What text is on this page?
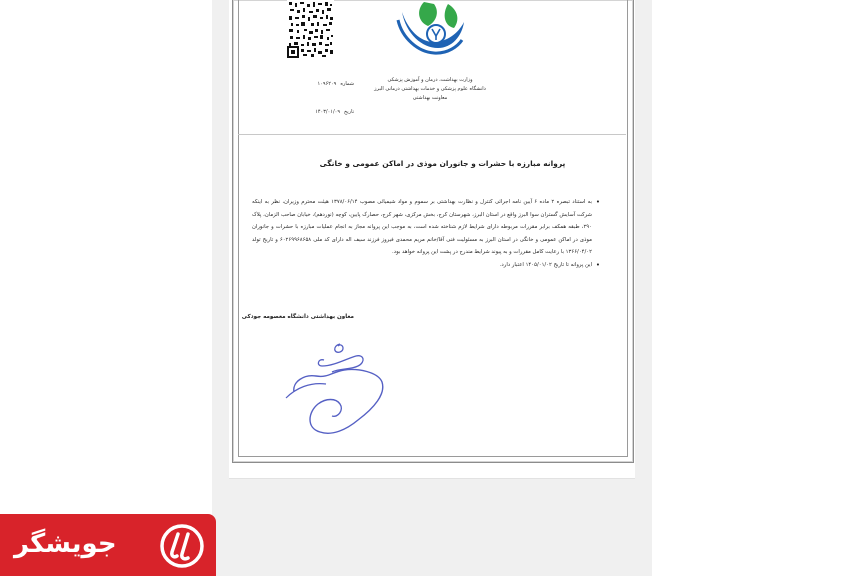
وزارت بهداشت، درمان و آموزش پزشکی
دانشگاه علوم پزشکی و خدمات بهداشتی درمانی البرز
معاونت بهداشتی
شماره
۱۰۹۶۲۰۹
تاریخ
۱۴۰۳/۰۱/۰۹
پروانه مبارزه با حشرات و جانوران موذی در اماکن عمومی و خانگی
• به استناد تبصره ۲ ماده ۶ آیین نامه اجرائی کنترل و نظارت بهداشتی بر سموم و مواد شیمیائی مصوب ۱۳۷۸/۰۶/۱۴ هیئت محترم وزیران، نظر به اینکه شرکت آسایش گستران سوا البرز واقع در استان البرز، شهرستان کرج، بخش مرکزی، شهر کرج، حصارک پایین، کوچه (نوردهم)، خیابان صاحب الزمان، پلاک ۲۹۰، طبقه همکف برابر مقررات مربوطه دارای شرایط لازم شناخته شده است، به موجب این پروانه مجاز به انجام عملیات مبارزه با حشرات و جانوران موذی در اماکن عمومی و خانگی در استان البرز به مسئولیت فنی آقا/خانم مریم محمدی فیروز فرزند سیف اله دارای کد ملی ۶۰۲۶۹۹۶۸۶۵۸ و تاریخ تولد ۱۳۶۶/۰۴/۰۲ با رعایت کامل مقررات و به پیوند شرایط مندرج در پشت این پروانه خواهد بود.
• این پروانه تا تاریخ ۱۴۰۵/۰۱/۰۲ اعتبار دارد.
معاون بهداشتی دانشگاه معصومه جودکی
جویشگر
